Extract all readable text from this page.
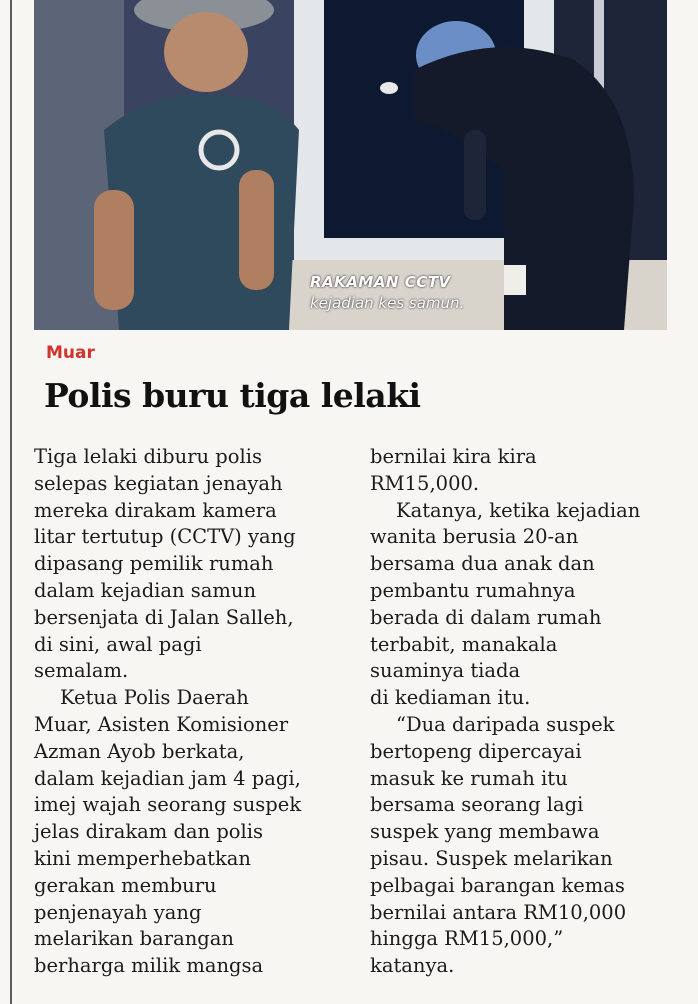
RAKAMAN CCTV
kejadian kes samun.
Muar
Polis buru tiga lelaki
Tiga lelaki diburu polis
selepas kegiatan jenayah
mereka dirakam kamera
litar tertutup (CCTV) yang
dipasang pemilik rumah
dalam kejadian samun
bersenjata di Jalan Salleh,
di sini, awal pagi
semalam.
Ketua Polis Daerah
Muar, Asisten Komisioner
Azman Ayob berkata,
dalam kejadian jam 4 pagi,
imej wajah seorang suspek
jelas dirakam dan polis
kini memperhebatkan
gerakan memburu
penjenayah yang
melarikan barangan
berharga milik mangsa
bernilai kira kira
RM15,000.
Katanya, ketika kejadian
wanita berusia 20-an
bersama dua anak dan
pembantu rumahnya
berada di dalam rumah
terbabit, manakala
suaminya tiada
di kediaman itu.
“Dua daripada suspek
bertopeng dipercayai
masuk ke rumah itu
bersama seorang lagi
suspek yang membawa
pisau. Suspek melarikan
pelbagai barangan kemas
bernilai antara RM10,000
hingga RM15,000,”
katanya.
